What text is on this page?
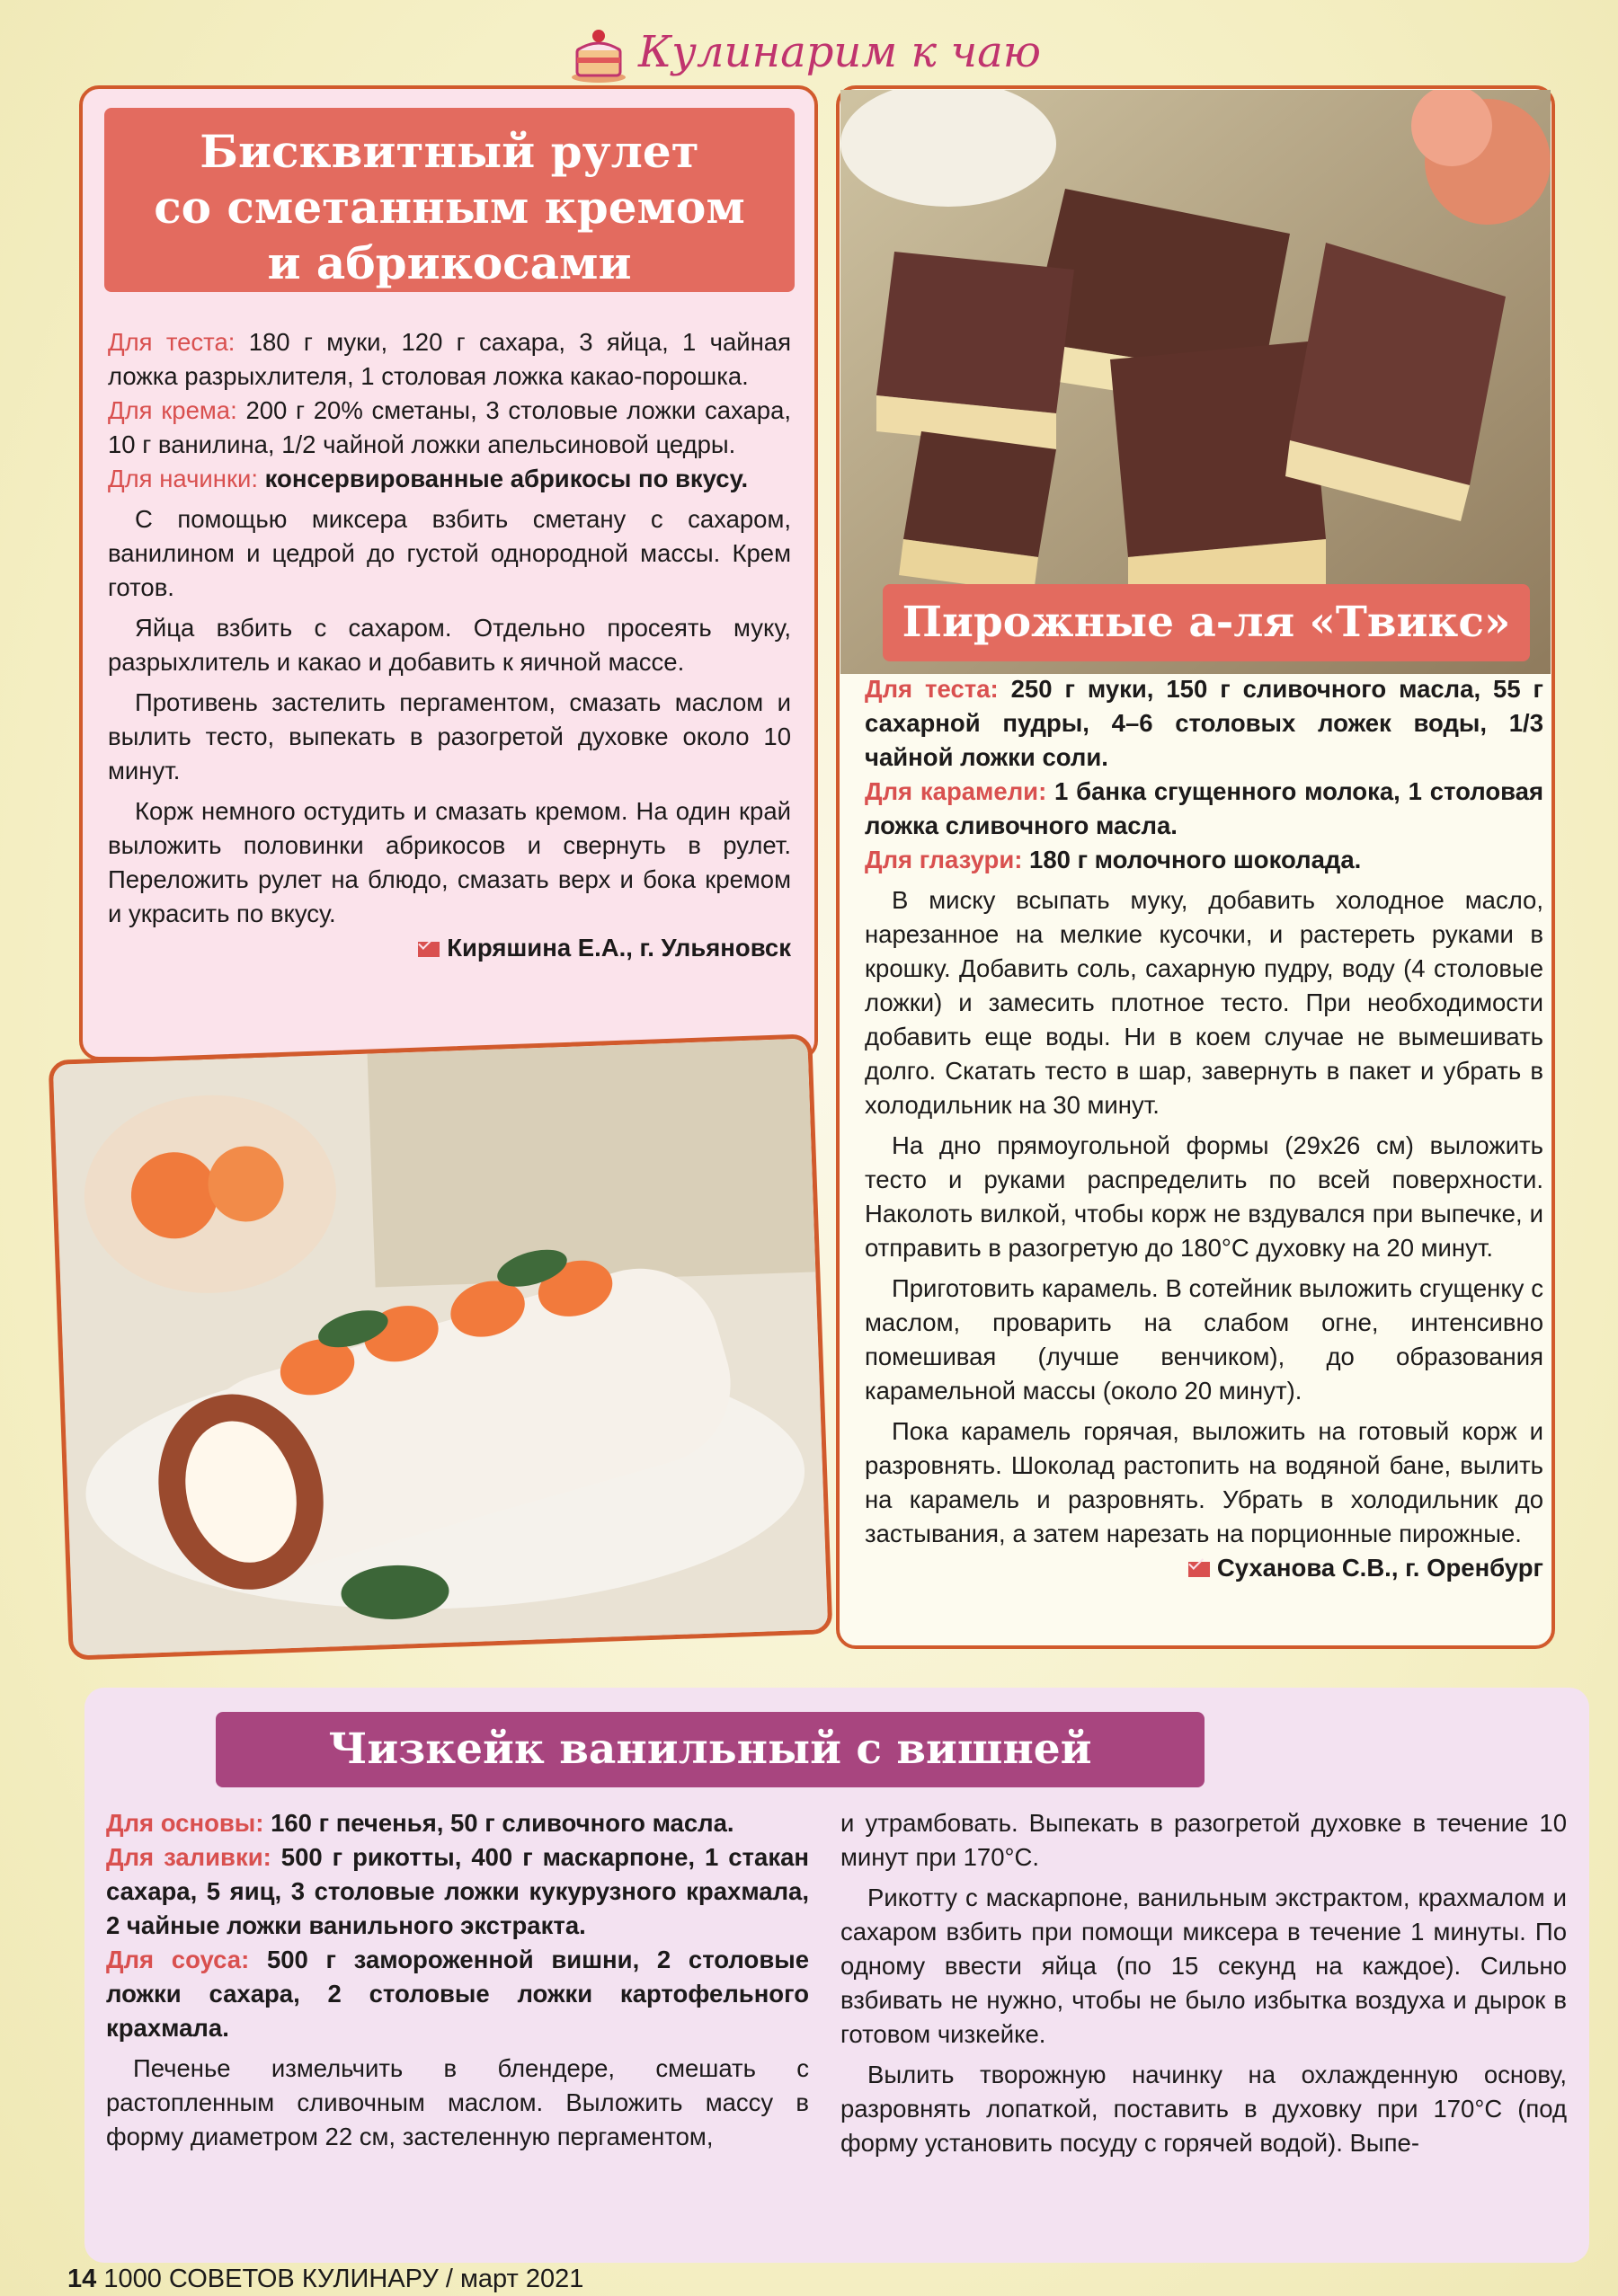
Кулинарим к чаю
Бисквитный рулет
со сметанным кремом
и абрикосами

Для теста: 180 г муки, 120 г сахара, 3 яйца, 1 чайная ложка разрыхлителя, 1 столовая ложка какао-порошка.

Для крема: 200 г 20% сметаны, 3 столовые ложки сахара, 10 г ванилина, 1/2 чайной ложки апельсиновой цедры.

Для начинки: консервированные абрикосы по вкусу.

С помощью миксера взбить сметану с сахаром, ванилином и цедрой до густой однородной массы. Крем готов.

Яйца взбить с сахаром. Отдельно просеять муку, разрыхлитель и какао и добавить к яичной массе.

Противень застелить пергаментом, смазать маслом и вылить тесто, выпекать в разогретой духовке около 10 минут.

Корж немного остудить и смазать кремом. На один край выложить половинки абрикосов и свернуть в рулет. Переложить рулет на блюдо, смазать верх и бока кремом и украсить по вкусу.

Киряшина Е.А., г. Ульяновск

Пирожные а-ля «Твикс»

Для теста: 250 г муки, 150 г сливочного масла, 55 г сахарной пудры, 4–6 столовых ложек воды, 1/3 чайной ложки соли.

Для карамели: 1 банка сгущенного молока, 1 столовая ложка сливочного масла.

Для глазури: 180 г молочного шоколада.

В миску всыпать муку, добавить холодное масло, нарезанное на мелкие кусочки, и растереть руками в крошку. Добавить соль, сахарную пудру, воду (4 столовые ложки) и замесить плотное тесто. При необходимости добавить еще воды. Ни в коем случае не вымешивать долго. Скатать тесто в шар, завернуть в пакет и убрать в холодильник на 30 минут.

На дно прямоугольной формы (29х26 см) выложить тесто и руками распределить по всей поверхности. Наколоть вилкой, чтобы корж не вздувался при выпечке, и отправить в разогретую до 180°С духовку на 20 минут.

Приготовить карамель. В сотейник выложить сгущенку с маслом, проварить на слабом огне, интенсивно помешивая (лучше венчиком), до образования карамельной массы (около 20 минут).

Пока карамель горячая, выложить на готовый корж и разровнять. Шоколад растопить на водяной бане, вылить на карамель и разровнять. Убрать в холодильник до застывания, а затем нарезать на порционные пирожные.

Суханова С.В., г. Оренбург

Чизкейк ванильный с вишней

Для основы: 160 г печенья, 50 г сливочного масла.

Для заливки: 500 г рикотты, 400 г маскарпоне, 1 стакан сахара, 5 яиц, 3 столовые ложки кукурузного крахмала, 2 чайные ложки ванильного экстракта.

Для соуса: 500 г замороженной вишни, 2 столовые ложки сахара, 2 столовые ложки картофельного крахмала.

Печенье измельчить в блендере, смешать с растопленным сливочным маслом. Выложить массу в форму диаметром 22 см, застеленную пергаментом,

и утрамбовать. Выпекать в разогретой духовке в течение 10 минут при 170°С.

Рикотту с маскарпоне, ванильным экстрактом, крахмалом и сахаром взбить при помощи миксера в течение 1 минуты. По одному ввести яйца (по 15 секунд на каждое). Сильно взбивать не нужно, чтобы не было избытка воздуха и дырок в готовом чизкейке.

Вылить творожную начинку на охлажденную основу, разровнять лопаткой, поставить в духовку при 170°С (под форму установить посуду с горячей водой). Выпе-

14 1000 СОВЕТОВ КУЛИНАРУ / март 2021
